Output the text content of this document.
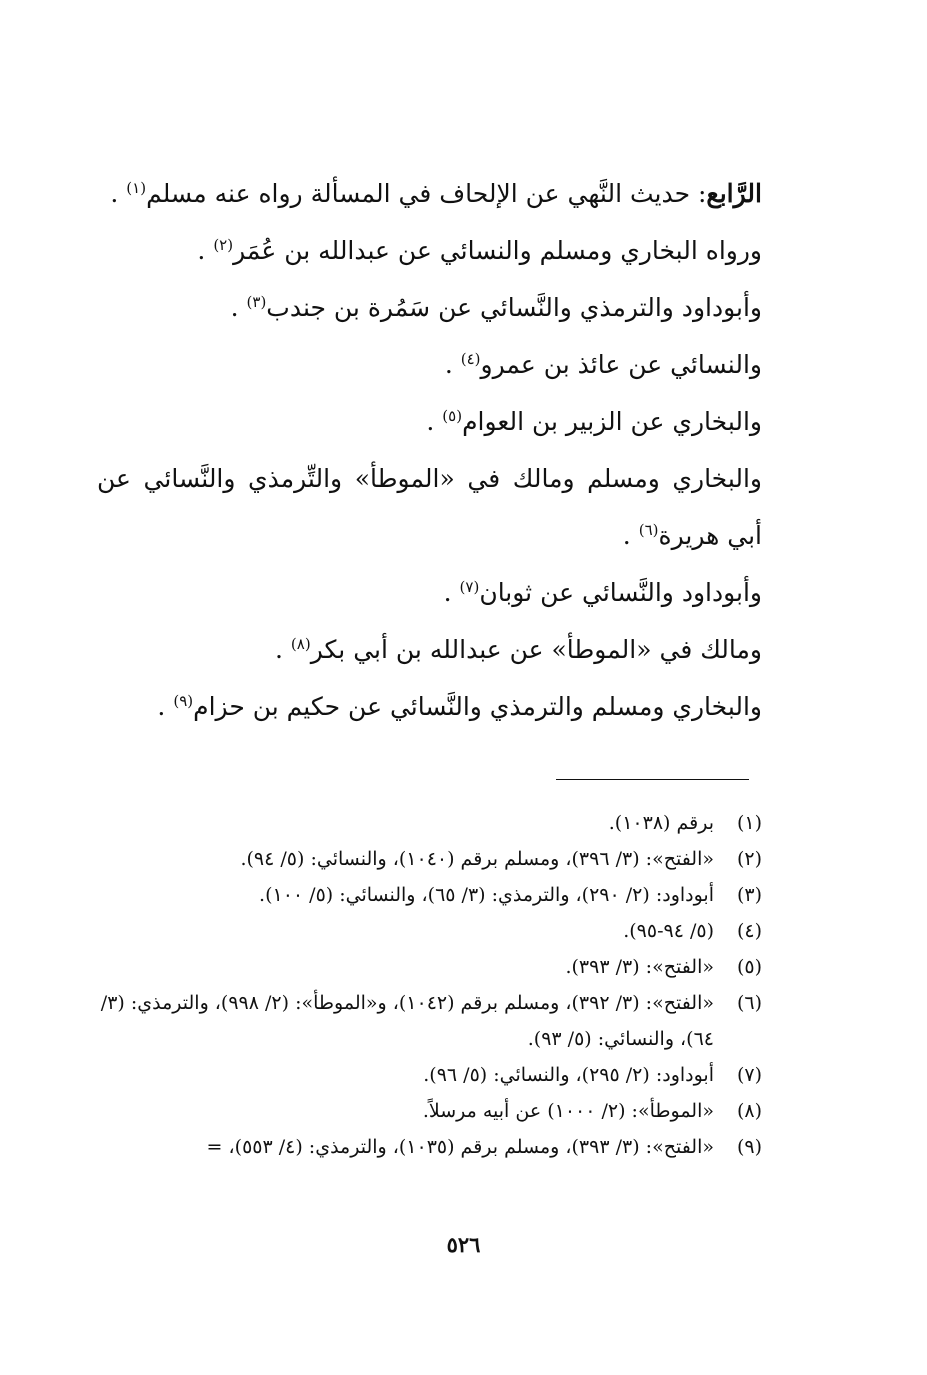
الرَّابع: حديث النَّهي عن الإلحاف في المسألة رواه عنه مسلم$^{(١)}$ .

ورواه البخاري ومسلم والنسائي عن عبدالله بن عُمَر$^{(٢)}$ .

وأبوداود والترمذي والنَّسائي عن سَمُرة بن جندب$^{(٣)}$ .

والنسائي عن عائذ بن عمرو$^{(٤)}$ .

والبخاري عن الزبير بن العوام$^{(٥)}$ .

والبخاري ومسلم ومالك في «الموطأ» والتِّرمذي والنَّسائي عن أبي هريرة$^{(٦)}$ .

وأبوداود والنَّسائي عن ثوبان$^{(٧)}$ .

ومالك في «الموطأ» عن عبدالله بن أبي بكر$^{(٨)}$ .

والبخاري ومسلم والترمذي والنَّسائي عن حكيم بن حزام$^{(٩)}$ .

(١)
برقم (١٠٣٨).
(٢)
«الفتح»: (٣/ ٣٩٦)، ومسلم برقم (١٠٤٠)، والنسائي: (٥/ ٩٤).
(٣)
أبوداود: (٢/ ٢٩٠)، والترمذي: (٣/ ٦٥)، والنسائي: (٥/ ١٠٠).
(٤)
(٥/ ٩٤-٩٥).
(٥)
«الفتح»: (٣/ ٣٩٣).
(٦)
«الفتح»: (٣/ ٣٩٢)، ومسلم برقم (١٠٤٢)، و«الموطأ»: (٢/ ٩٩٨)، والترمذي: (٣/ ٦٤)، والنسائي: (٥/ ٩٣).
(٧)
أبوداود: (٢/ ٢٩٥)، والنسائي: (٥/ ٩٦).
(٨)
«الموطأ»: (٢/ ١٠٠٠) عن أبيه مرسلاً.
(٩)
«الفتح»: (٣/ ٣٩٣)، ومسلم برقم (١٠٣٥)، والترمذي: (٤/ ٥٥٣)، =
٥٢٦
